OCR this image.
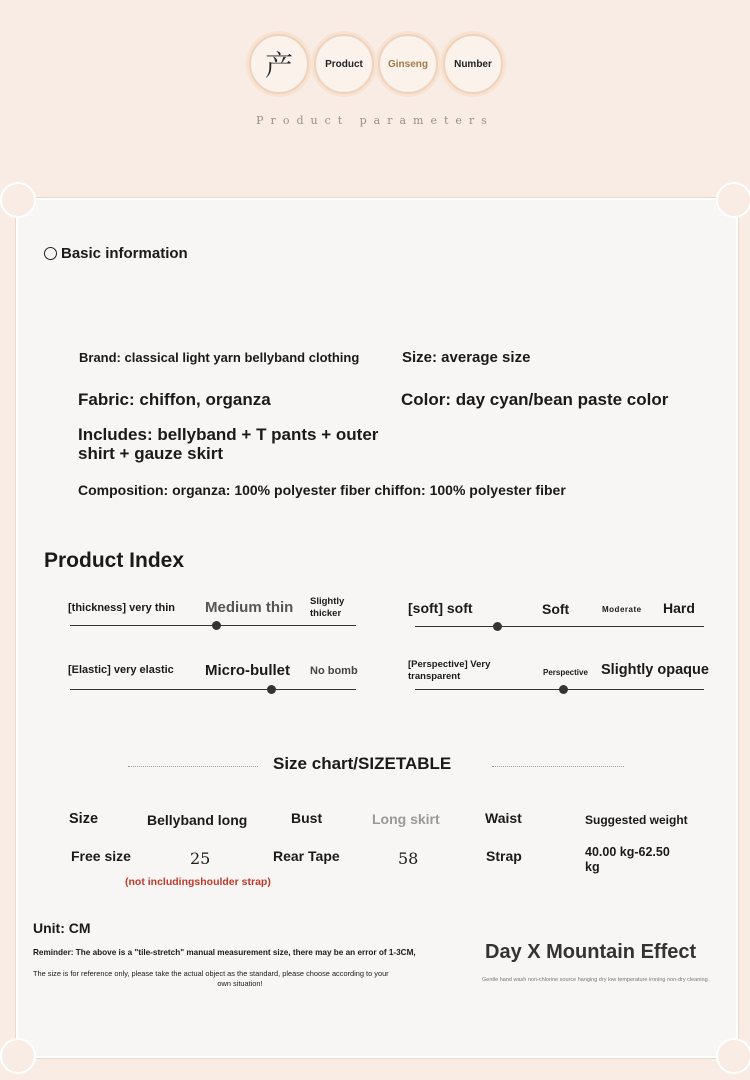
产	Product	Ginseng	Number
Product parameters
Basic information
Brand: classical light yarn bellyband clothing	Size: average size
Fabric: chiffon, organza	Color: day cyan/bean paste color
Includes: bellyband + T pants + outer
shirt + gauze skirt
Composition: organza: 100% polyester fiber chiffon: 100% polyester fiber
Product Index
[thickness] very thin Medium thin Slightly
thicker	[soft] soft	Soft	Moderate Hard
[Elastic] very elastic Micro-bullet No bomb
[Perspective] Very
transparent	Perspective Slightly opaque
Size chart/SIZETABLE
Size	Bellyband long	Bust	Long skirt	Waist	Suggested weight
Free size	25	Rear Tape	58	Strap	40.00 kg-62.50
kg
(not includingshoulder strap)
Unit: CM
Reminder: The above is a "tile-stretch" manual measurement size, there may be an error of 1-3CM,
The size is for reference only, please take the actual object as the standard, please choose according to your
own situation!
Day X Mountain Effect
Gentle hand wash non-chlorine source hanging dry low temperature ironing non-dry cleaning
